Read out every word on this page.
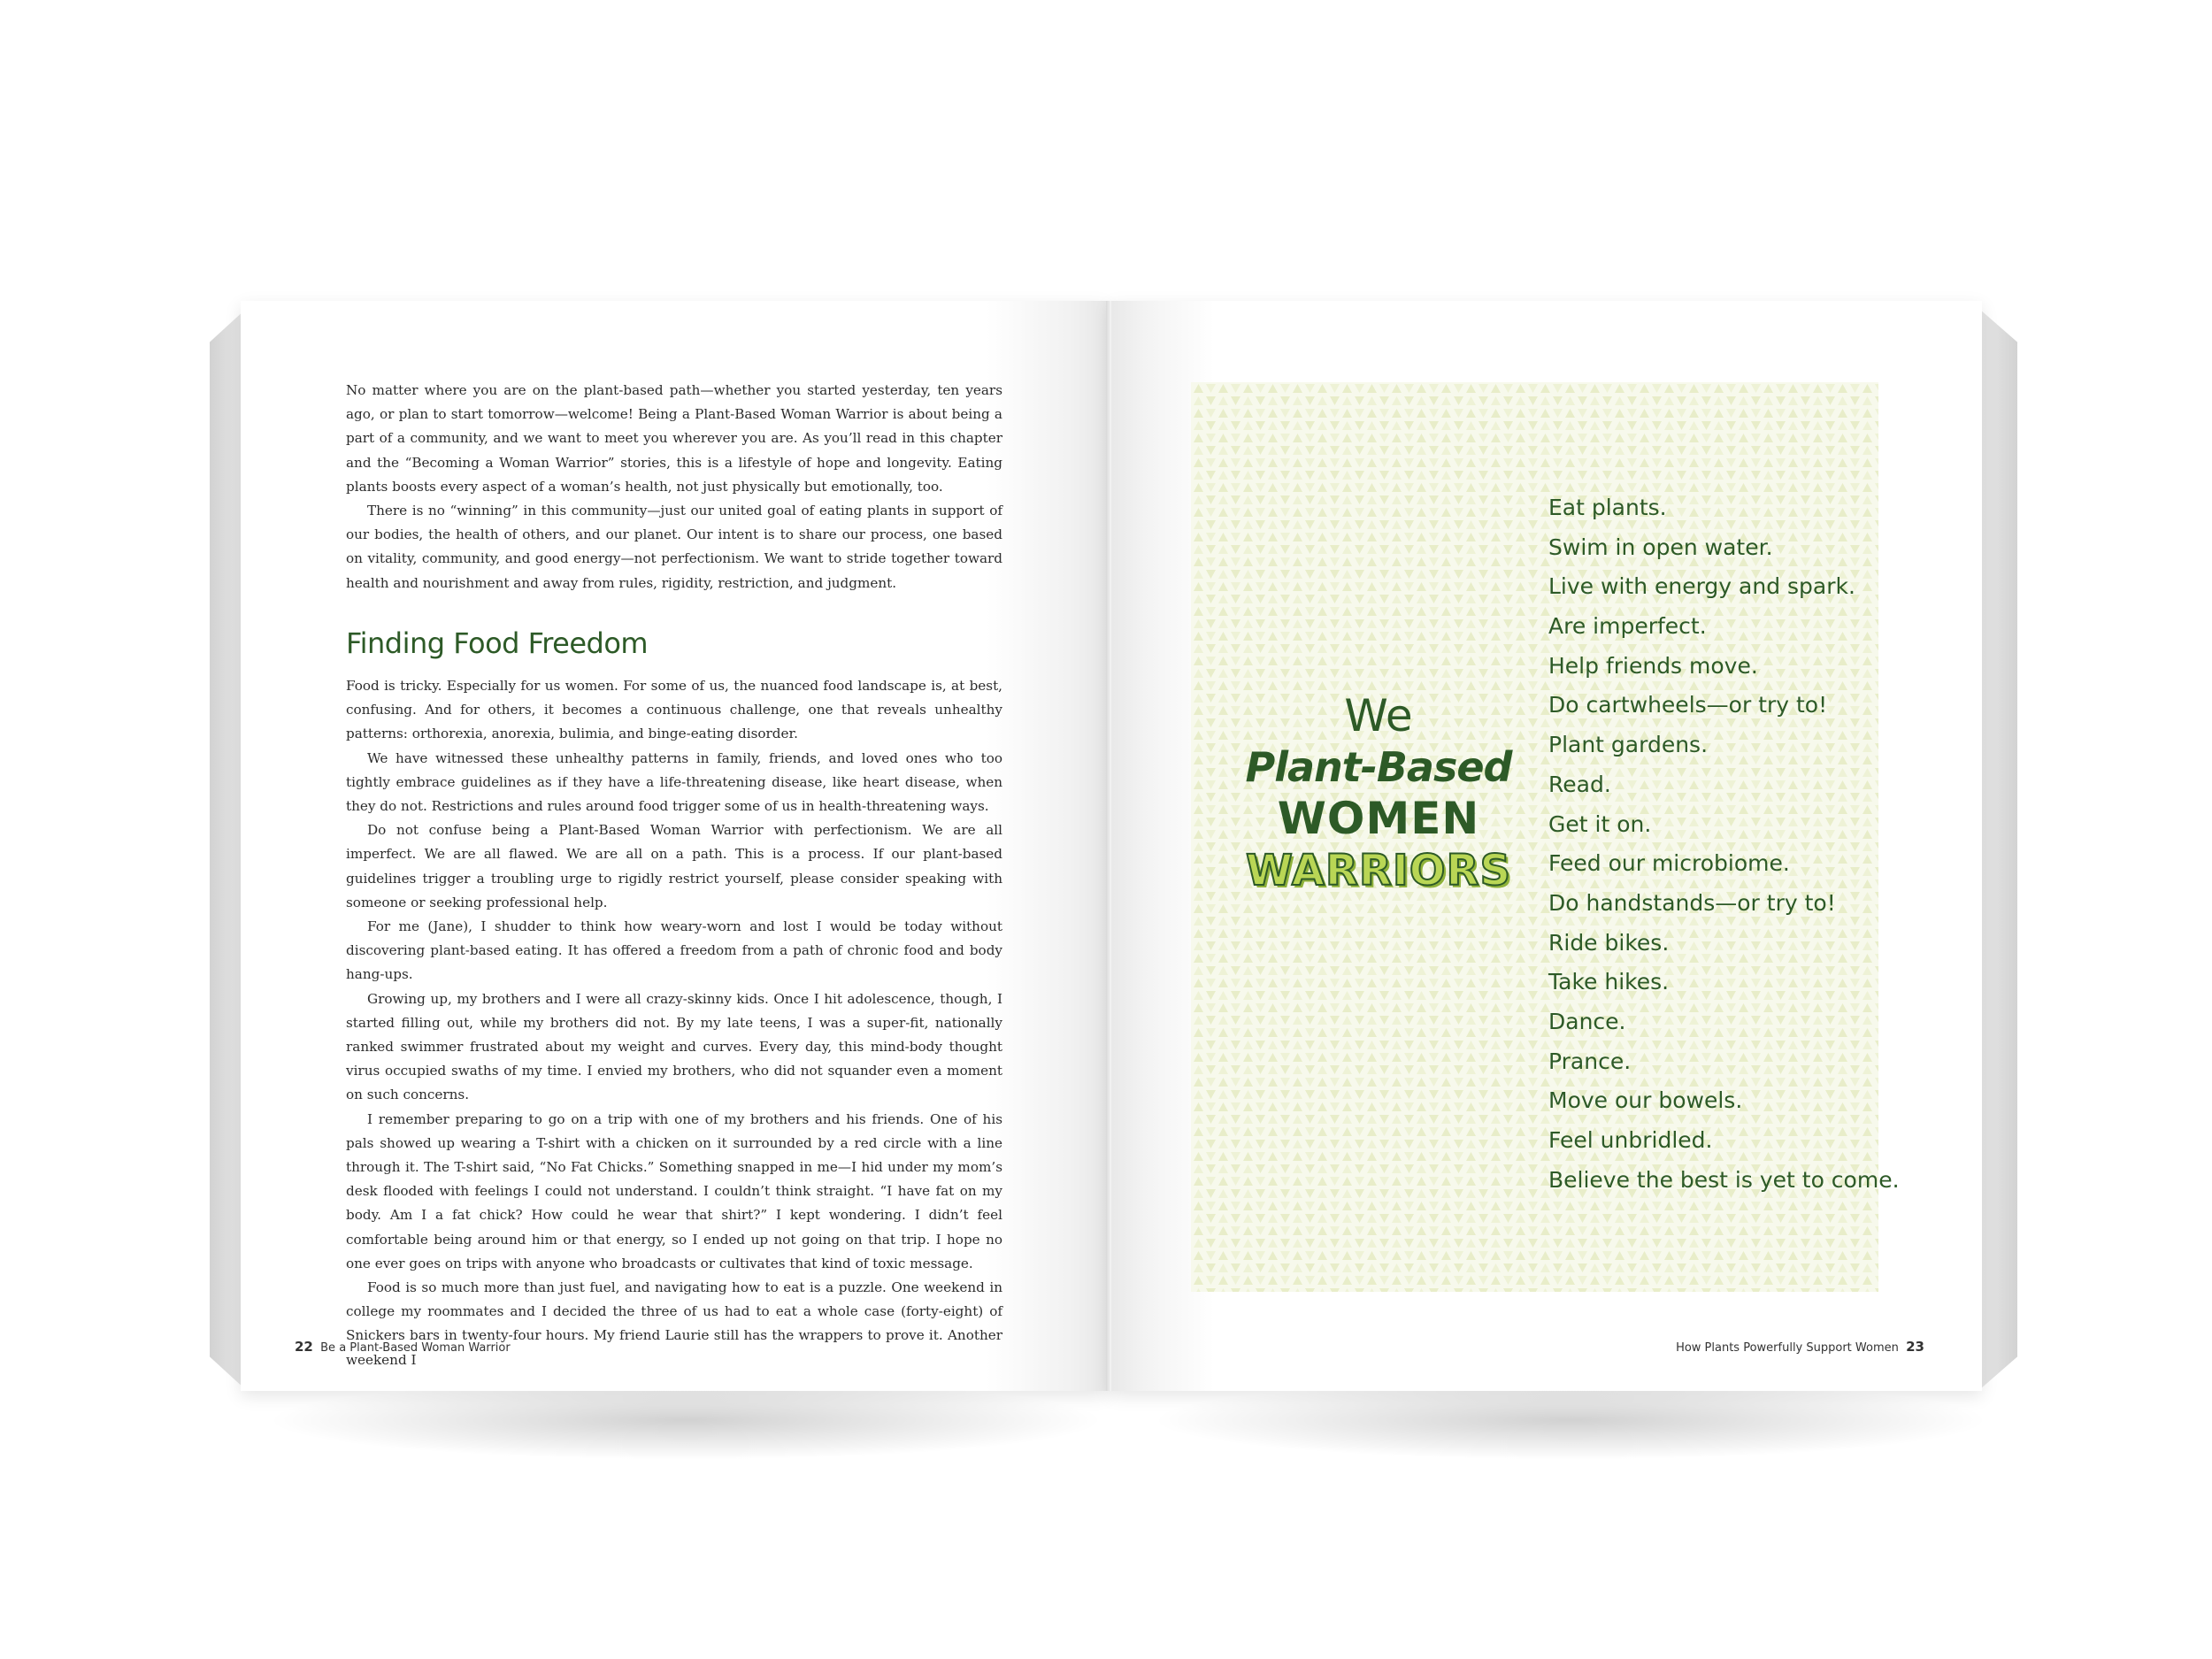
No matter where you are on the plant-based path—whether you started yesterday, ten years ago, or plan to start tomorrow—welcome! Being a Plant-Based Woman Warrior is about being a part of a community, and we want to meet you wherever you are. As you’ll read in this chapter and the “Becoming a Woman Warrior” stories, this is a lifestyle of hope and longevity. Eating plants boosts every aspect of a woman’s health, not just physically but emotionally, too.

There is no “winning” in this community—just our united goal of eating plants in support of our bodies, the health of others, and our planet. Our intent is to share our process, one based on vitality, community, and good energy—not perfectionism. We want to stride together toward health and nourishment and away from rules, rigidity, restriction, and judgment.

Finding Food Freedom

Food is tricky. Especially for us women. For some of us, the nuanced food landscape is, at best, confusing. And for others, it becomes a continuous challenge, one that reveals unhealthy patterns: orthorexia, anorexia, bulimia, and binge-eating disorder.

We have witnessed these unhealthy patterns in family, friends, and loved ones who too tightly embrace guidelines as if they have a life-threatening disease, like heart disease, when they do not. Restrictions and rules around food trigger some of us in health-threatening ways.

Do not confuse being a Plant-Based Woman Warrior with perfectionism. We are all imperfect. We are all flawed. We are all on a path. This is a process. If our plant-based guidelines trigger a troubling urge to rigidly restrict yourself, please consider speaking with someone or seeking professional help.

For me (Jane), I shudder to think how weary-worn and lost I would be today without discovering plant-based eating. It has offered a freedom from a path of chronic food and body hang-ups.

Growing up, my brothers and I were all crazy-skinny kids. Once I hit adolescence, though, I started filling out, while my brothers did not. By my late teens, I was a super-fit, nationally ranked swimmer frustrated about my weight and curves. Every day, this mind-body thought virus occupied swaths of my time. I envied my brothers, who did not squander even a moment on such concerns.

I remember preparing to go on a trip with one of my brothers and his friends. One of his pals showed up wearing a T-shirt with a chicken on it surrounded by a red circle with a line through it. The T-shirt said, “No Fat Chicks.” Something snapped in me—I hid under my mom’s desk flooded with feelings I could not understand. I couldn’t think straight. “I have fat on my body. Am I a fat chick? How could he wear that shirt?” I kept wondering. I didn’t feel comfortable being around him or that energy, so I ended up not going on that trip. I hope no one ever goes on trips with anyone who broadcasts or cultivates that kind of toxic message.

Food is so much more than just fuel, and navigating how to eat is a puzzle. One weekend in college my roommates and I decided the three of us had to eat a whole case (forty-eight) of Snickers bars in twenty-four hours. My friend Laurie still has the wrappers to prove it. Another weekend I

22 Be a Plant-Based Woman Warrior
We
Plant-Based
WOMEN
WARRIORS
Eat plants.
Swim in open water.
Live with energy and spark.
Are imperfect.
Help friends move.
Do cartwheels—or try to!
Plant gardens.
Read.
Get it on.
Feed our microbiome.
Do handstands—or try to!
Ride bikes.
Take hikes.
Dance.
Prance.
Move our bowels.
Feel unbridled.
Believe the best is yet to come.
How Plants Powerfully Support Women 23
